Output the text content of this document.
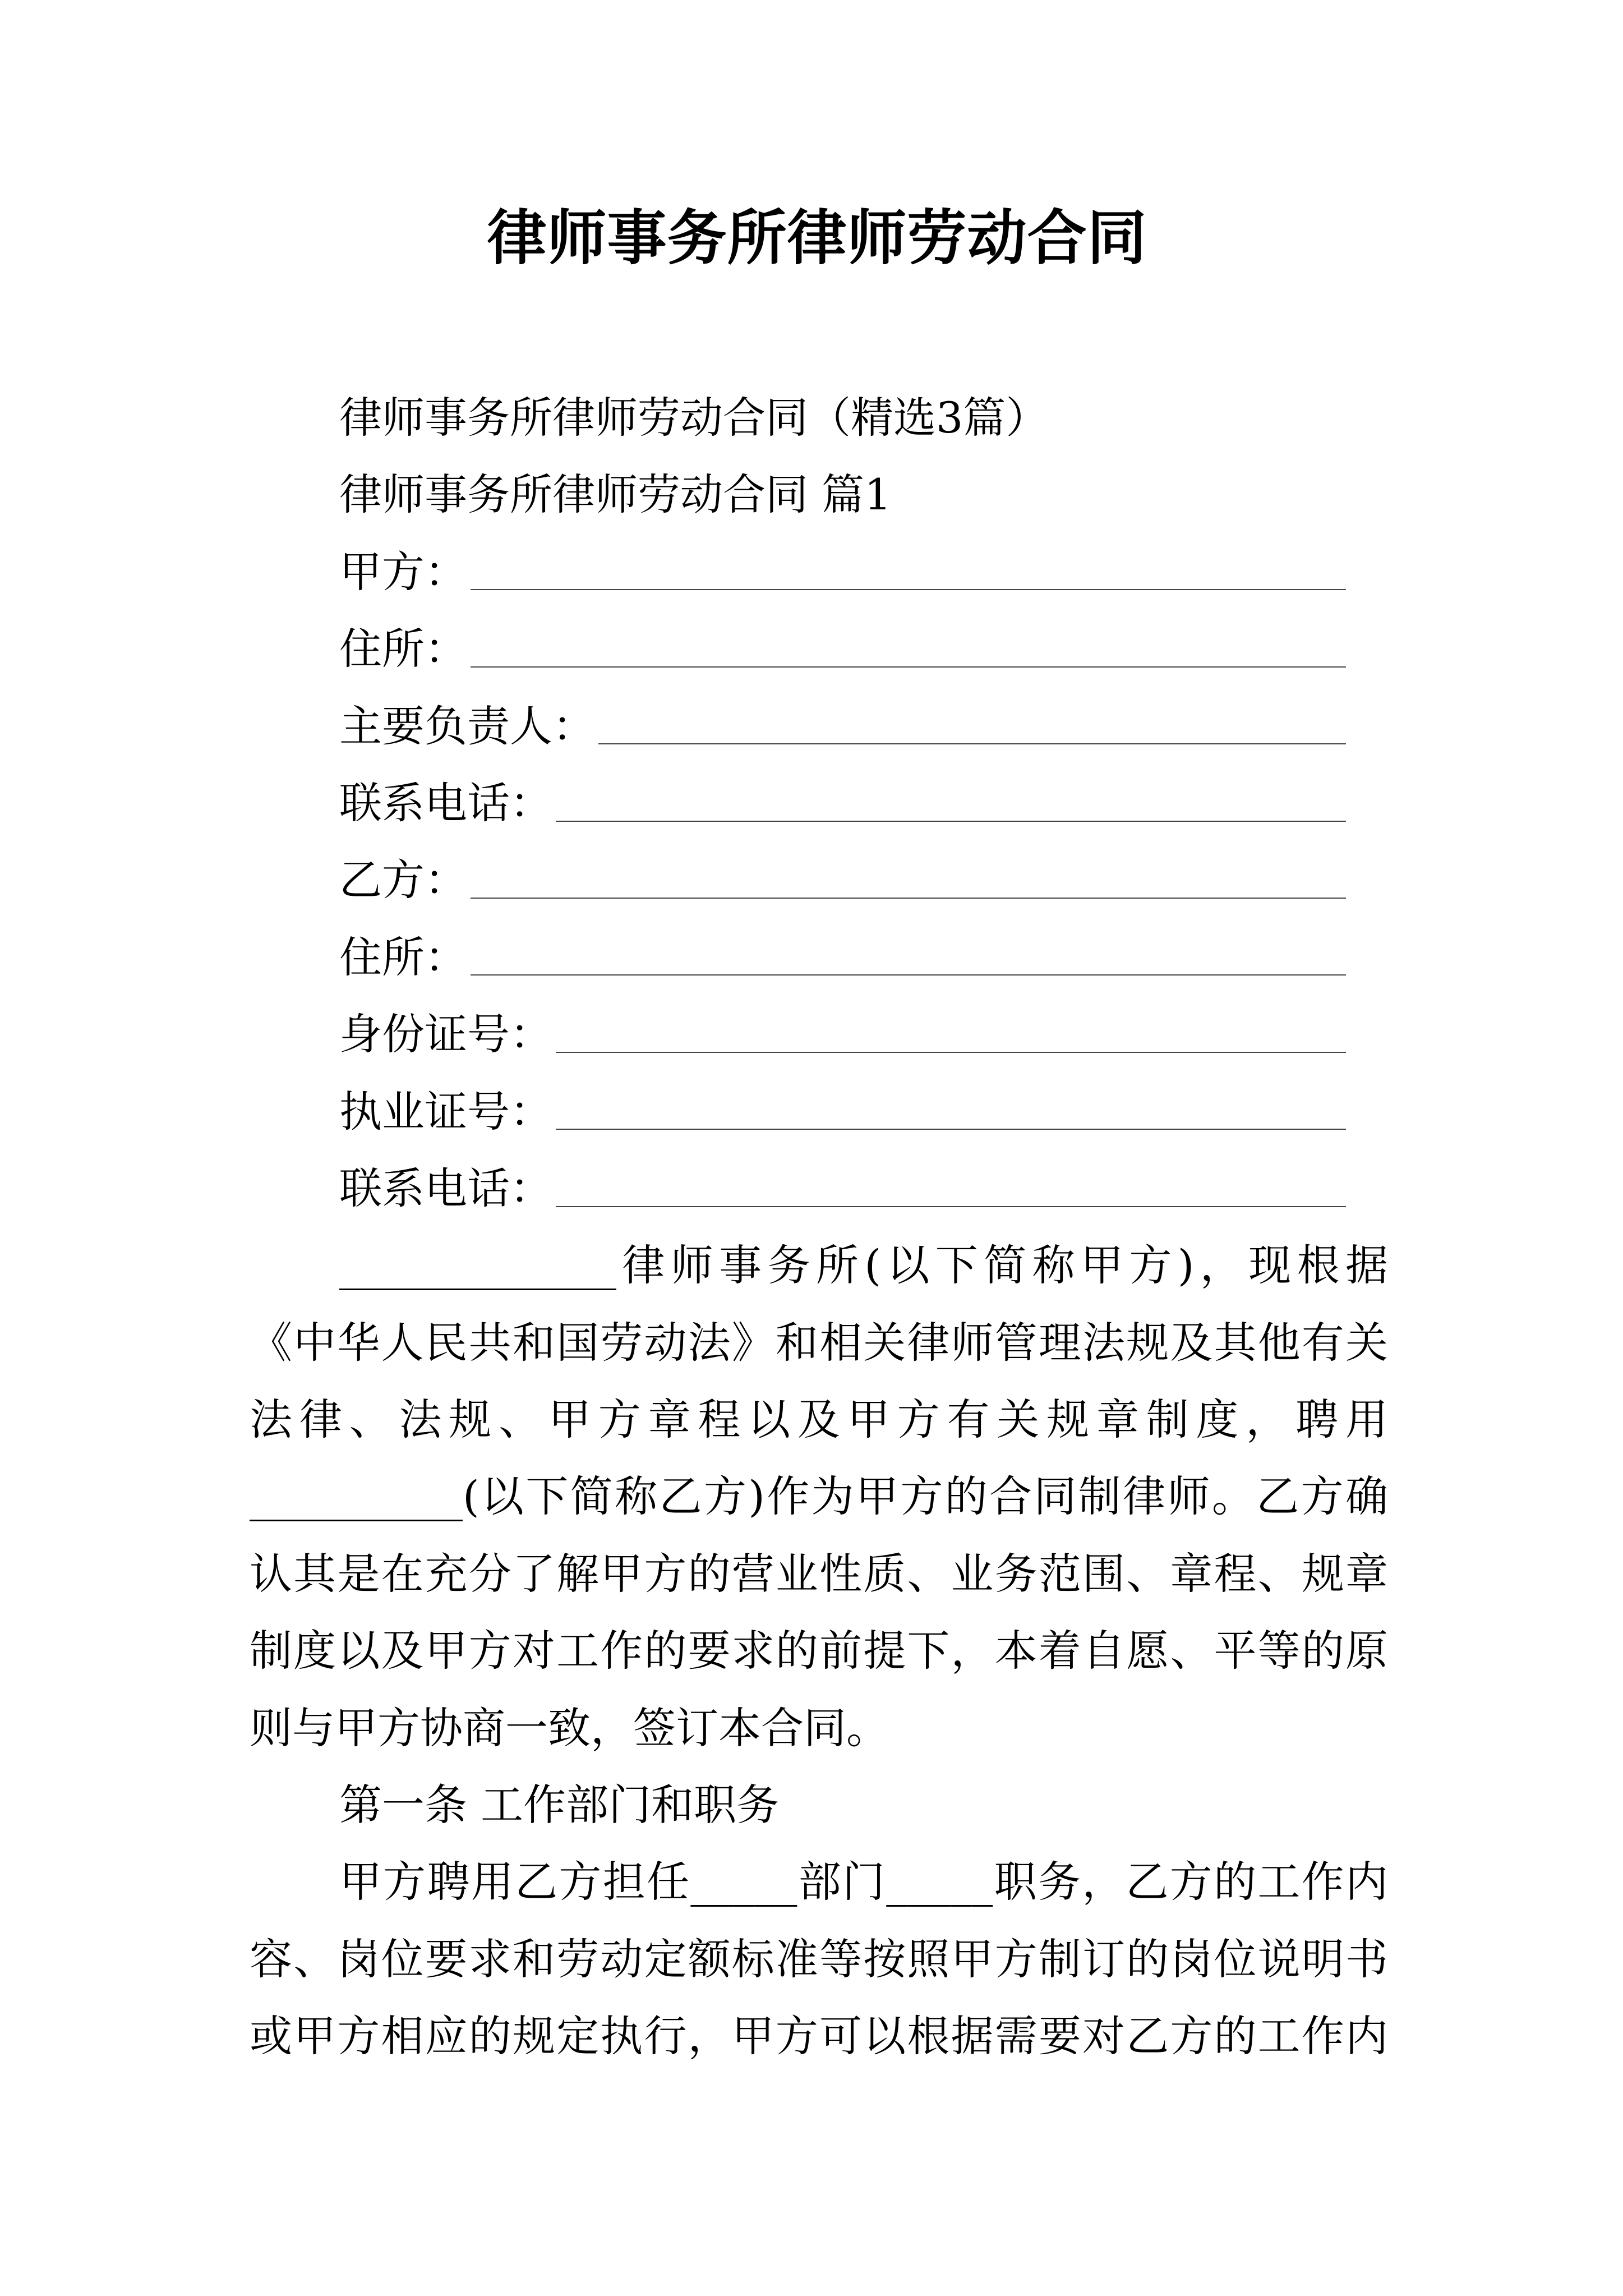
律师事务所律师劳动合同
律师事务所律师劳动合同（精选3篇）
律师事务所律师劳动合同 篇1
甲方：
住所：
主要负责人：
联系电话：
乙方：
住所：
身份证号：
执业证号：
联系电话：
_____________律师事务所(以下简称甲方)，现根据
《中华人民共和国劳动法》和相关律师管理法规及其他有关
法律、法规、甲方章程以及甲方有关规章制度，聘用
__________(以下简称乙方)作为甲方的合同制律师。乙方确
认其是在充分了解甲方的营业性质、业务范围、章程、规章
制度以及甲方对工作的要求的前提下，本着自愿、平等的原
则与甲方协商一致，签订本合同。
第一条 工作部门和职务
甲方聘用乙方担任_____部门_____职务，乙方的工作内
容、岗位要求和劳动定额标准等按照甲方制订的岗位说明书
或甲方相应的规定执行，甲方可以根据需要对乙方的工作内
